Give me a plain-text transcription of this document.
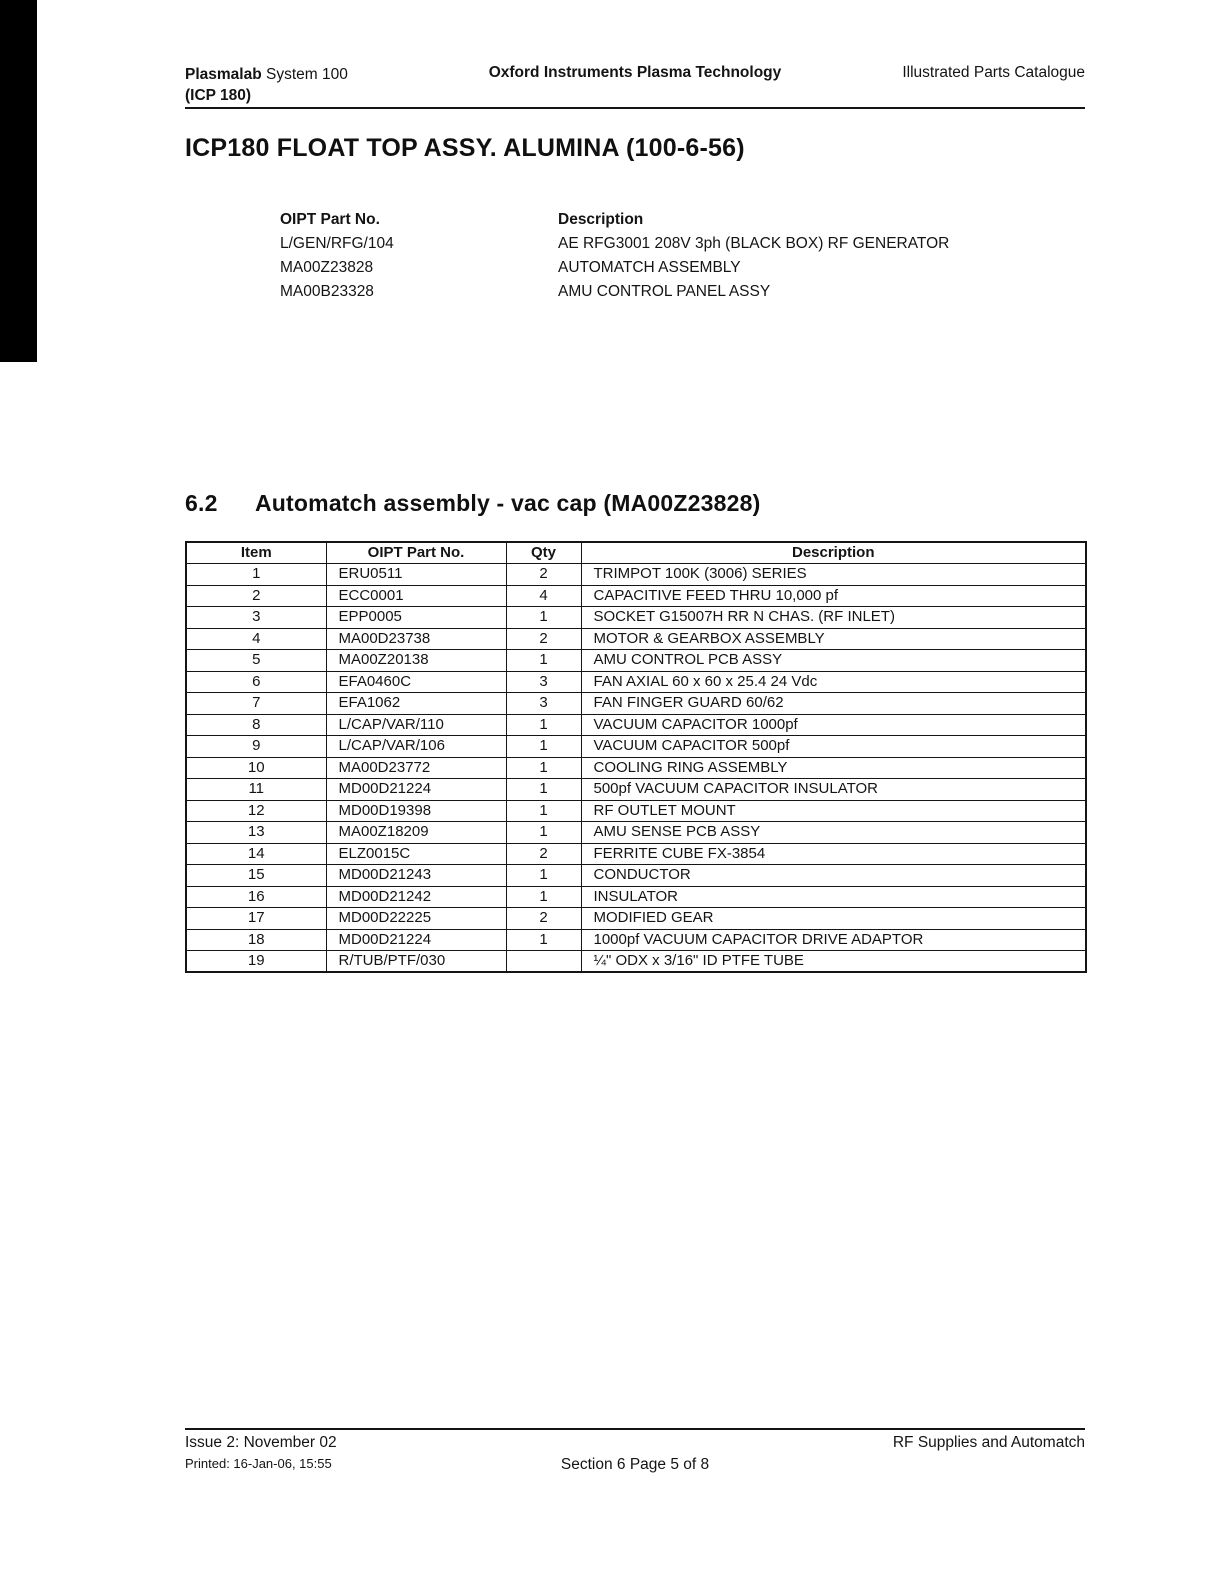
Plasmalab System 100
(ICP 180)
Oxford Instruments Plasma Technology	Illustrated Parts Catalogue
ICP180 FLOAT TOP ASSY. ALUMINA (100-6-56)
OIPT Part No.	Description
L/GEN/RFG/104	AE RFG3001 208V 3ph (BLACK BOX) RF GENERATOR
MA00Z23828	AUTOMATCH ASSEMBLY
MA00B23328	AMU CONTROL PANEL ASSY
6.2 Automatch assembly - vac cap (MA00Z23828)
Item	OIPT Part No.	Qty	Description
1	ERU0511	2	TRIMPOT 100K (3006) SERIES
2	ECC0001	4	CAPACITIVE FEED THRU 10,000 pf
3	EPP0005	1	SOCKET G15007H RR N CHAS. (RF INLET)
4	MA00D23738	2	MOTOR & GEARBOX ASSEMBLY
5	MA00Z20138	1	AMU CONTROL PCB ASSY
6	EFA0460C	3	FAN AXIAL 60 x 60 x 25.4 24 Vdc
7	EFA1062	3	FAN FINGER GUARD 60/62
8	L/CAP/VAR/110	1	VACUUM CAPACITOR 1000pf
9	L/CAP/VAR/106	1	VACUUM CAPACITOR 500pf
10	MA00D23772	1	COOLING RING ASSEMBLY
11	MD00D21224	1	500pf VACUUM CAPACITOR INSULATOR
12	MD00D19398	1	RF OUTLET MOUNT
13	MA00Z18209	1	AMU SENSE PCB ASSY
14	ELZ0015C	2	FERRITE CUBE FX-3854
15	MD00D21243	1	CONDUCTOR
16	MD00D21242	1	INSULATOR
17	MD00D22225	2	MODIFIED GEAR
18	MD00D21224	1	1000pf VACUUM CAPACITOR DRIVE ADAPTOR
19	R/TUB/PTF/030		¼" ODX x 3/16" ID PTFE TUBE
Issue 2: November 02
Printed: 16-Jan-06, 15:55	Section 6 Page 5 of 8
RF Supplies and Automatch
